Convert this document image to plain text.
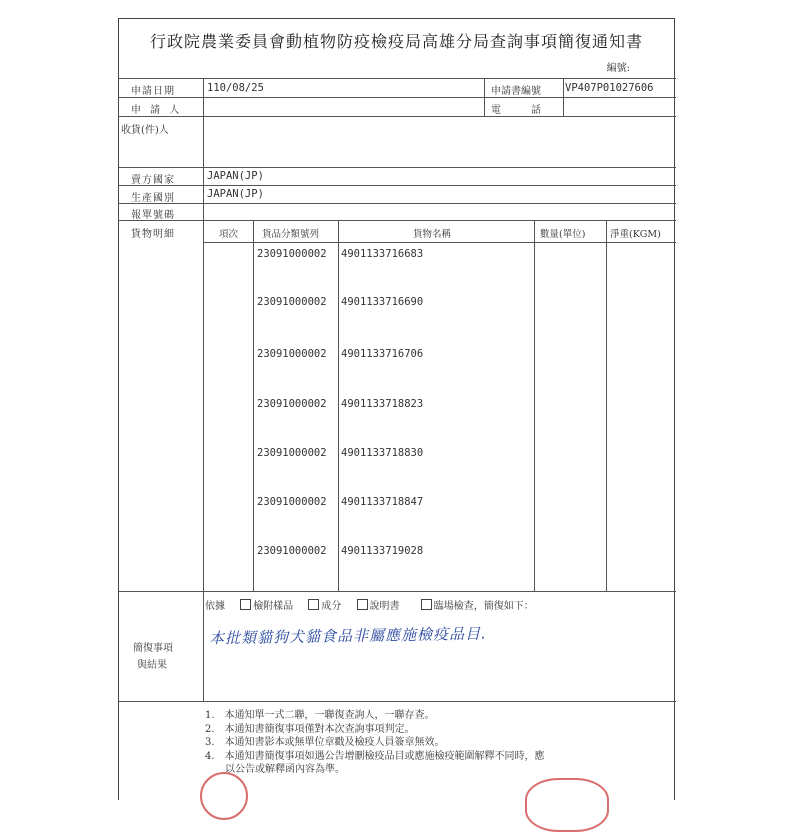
行政院農業委員會動植物防疫檢疫局高雄分局查詢事項簡復通知書
編號:
申請日期	110/08/25	申請書編號 VP407P01027606
申 請 人	電　　　話
收貨(件)人
賣方國家	JAPAN(JP)
生產國別	JAPAN(JP)
報單號碼
貨物明細	項次	貨品分類號列	貨物名稱	數量(單位)	淨重(KGM)
23091000002 4901133716683
23091000002 4901133716690
23091000002 4901133716706
23091000002 4901133718823
23091000002 4901133718830
23091000002 4901133718847
23091000002 4901133719028
簡復事項
與結果
依據	檢附樣品	成分	說明書	臨場檢查，簡復如下：
本批類貓狗犬貓食品非屬應施檢疫品目.
1.　本通知單一式二聯，一聯復查詢人，一聯存查。
2.　本通知書簡復事項僅對本次查詢事項判定。
3.　本通知書影本或無單位章戳及檢疫人員簽章無效。
4.　本通知書簡復事項如遇公告增刪檢疫品目或應施檢疫範圍解釋不同時，應
　　以公告或解釋函內容為準。
